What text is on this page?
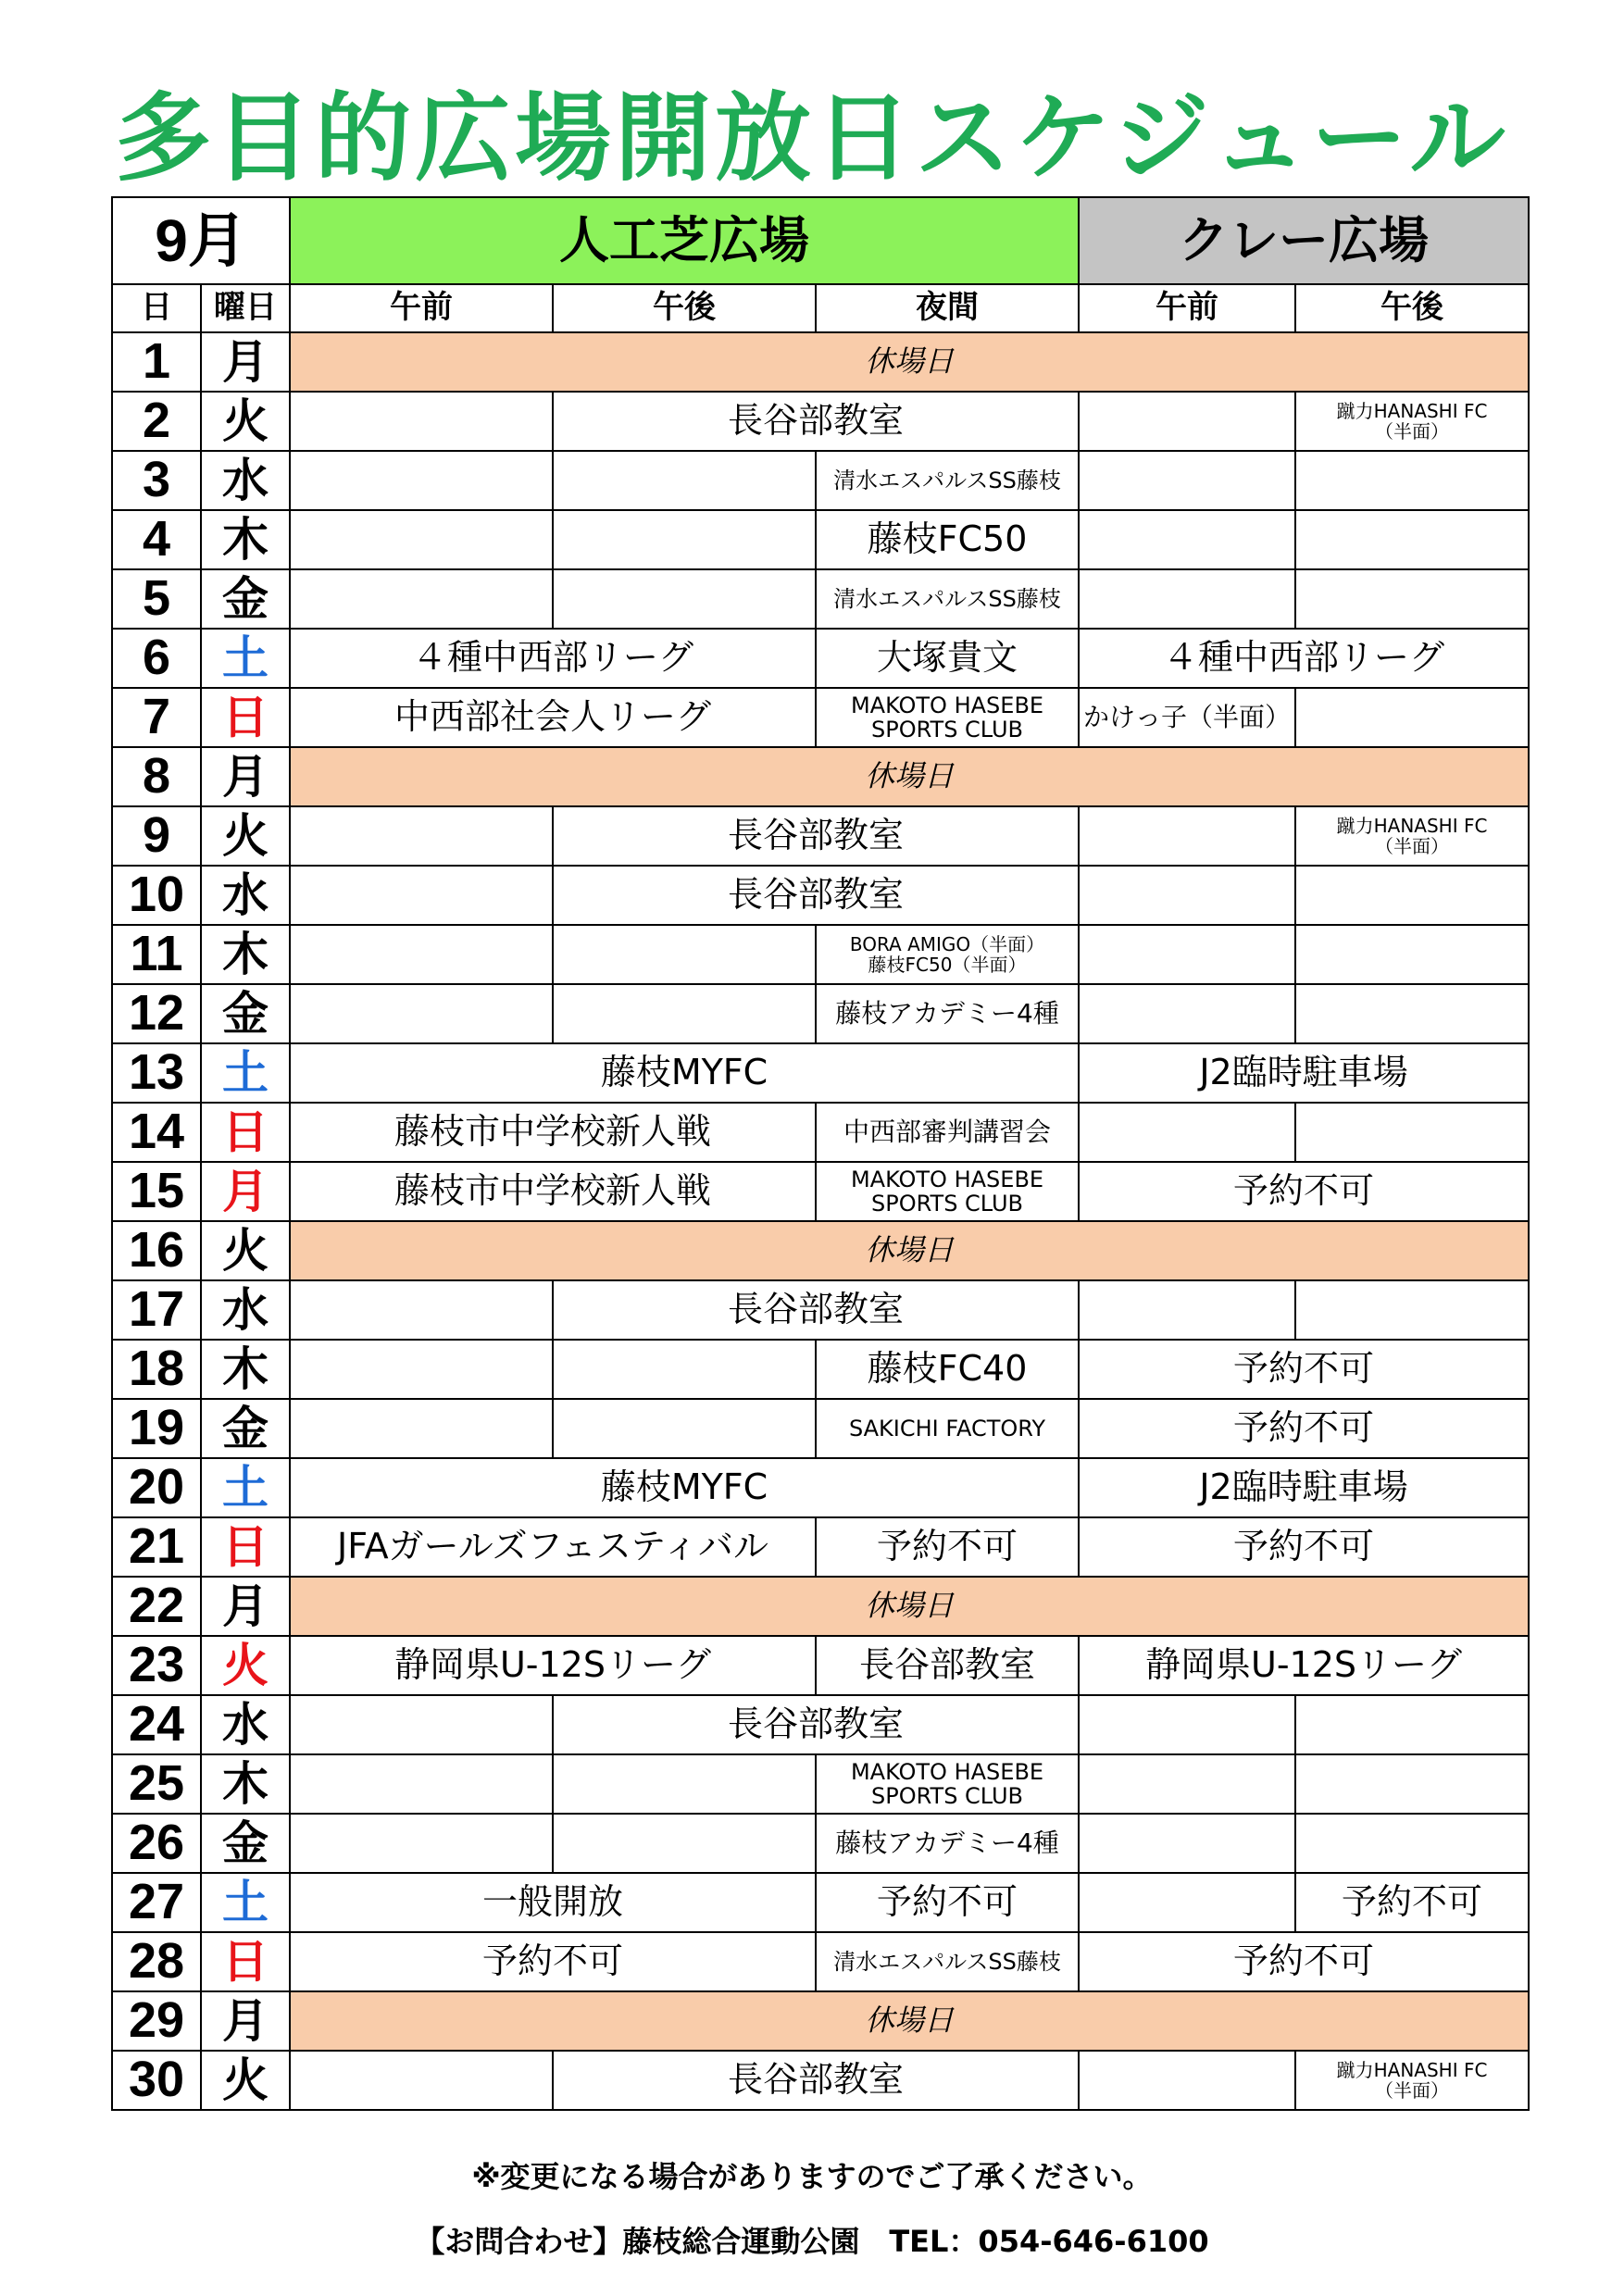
多目的広場開放日スケジュール
9月		人工芝広場			クレー広場	
日	曜日	午前	午後	夜間	午前	午後
1	月	休場日				
2	火		長谷部教室			蹴力HANASHI FC
（半面）
3	水			清水エスパルスSS藤枝		
4	木			藤枝FC50		
5	金			清水エスパルスSS藤枝		
6	土	４種中西部リーグ		大塚貴文	４種中西部リーグ	
7	日	中西部社会人リーグ		MAKOTO HASEBE
SPORTS CLUB	かけっ子（半面）	
8	月	休場日				
9	火		長谷部教室			蹴力HANASHI FC
（半面）
10	水		長谷部教室			
11	木			BORA AMIGO（半面）
藤枝FC50（半面）		
12	金			藤枝アカデミー4種		
13	土	藤枝MYFC			J2臨時駐車場	
14	日	藤枝市中学校新人戦		中西部審判講習会		
15	月	藤枝市中学校新人戦		MAKOTO HASEBE
SPORTS CLUB	予約不可	
16	火	休場日				
17	水		長谷部教室			
18	木			藤枝FC40	予約不可	
19	金			SAKICHI FACTORY	予約不可	
20	土	藤枝MYFC			J2臨時駐車場	
21	日	JFAガールズフェスティバル		予約不可	予約不可	
22	月	休場日				
23	火	静岡県U-12Sリーグ		長谷部教室	静岡県U-12Sリーグ	
24	水		長谷部教室			
25	木			MAKOTO HASEBE
SPORTS CLUB		
26	金			藤枝アカデミー4種		
27	土	一般開放		予約不可		予約不可
28	日	予約不可		清水エスパルスSS藤枝	予約不可	
29	月	休場日				
30	火		長谷部教室			蹴力HANASHI FC
（半面）
※変更になる場合がありますのでご了承ください。
【お問合わせ】藤枝総合運動公園　TEL：054-646-6100
